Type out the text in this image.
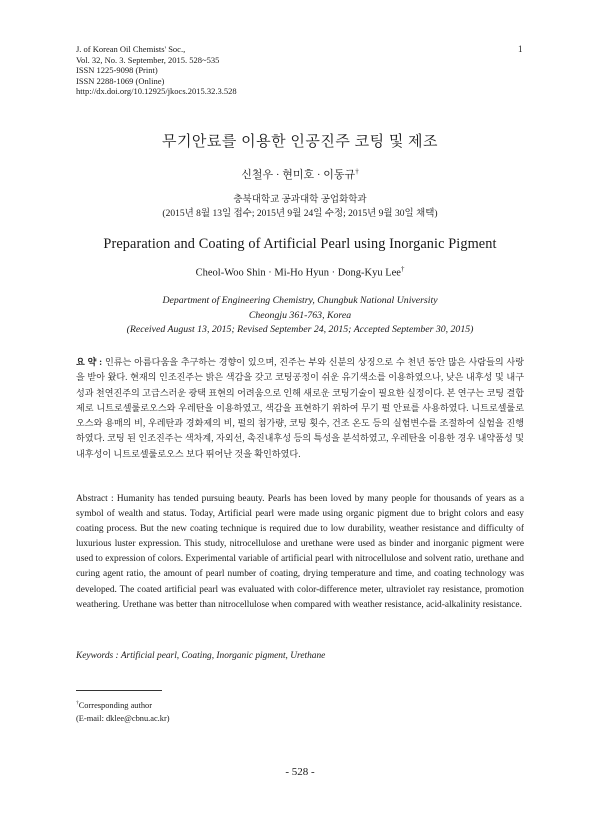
J. of Korean Oil Chemists' Soc.,
Vol. 32, No. 3. September, 2015. 528~535
ISSN 1225-9098 (Print)
ISSN 2288-1069 (Online)
http://dx.doi.org/10.12925/jkocs.2015.32.3.528
1
무기안료를 이용한 인공진주 코팅 및 제조
신철우 · 현미호 · 이동규†
충북대학교 공과대학 공업화학과
(2015년 8월 13일 접수; 2015년 9월 24일 수정; 2015년 9월 30일 채택)
Preparation and Coating of Artificial Pearl using Inorganic Pigment
Cheol-Woo Shin · Mi-Ho Hyun · Dong-Kyu Lee†
Department of Engineering Chemistry, Chungbuk National University
Cheongju 361-763, Korea
(Received August 13, 2015; Revised September 24, 2015; Accepted September 30, 2015)
요 약 : 인류는 아름다움을 추구하는 경향이 있으며, 진주는 부와 신분의 상징으로 수 천년 동안 많은 사람들의 사랑을 받아 왔다. 현재의 인조진주는 밝은 색감을 갖고 코팅공정이 쉬운 유기색소를 이용하였으나, 낮은 내후성 및 내구성과 천연진주의 고급스러운 광택 표현의 어려움으로 인해 새로운 코팅기술이 필요한 실정이다. 본 연구는 코팅 결합제로 니트로셀룰로오스와 우레탄을 이용하였고, 색감을 표현하기 위하여 무기 펄 안료를 사용하였다. 니트로셀룰로오스와 용매의 비, 우레탄과 경화제의 비, 펄의 첨가량, 코팅 횟수, 건조 온도 등의 실험변수를 조절하여 실험을 진행하였다. 코팅 된 인조진주는 색차계, 자외선, 촉진내후성 등의 특성을 분석하였고, 우레탄을 이용한 경우 내약품성 및 내후성이 니트로셀룰로오스 보다 뛰어난 것을 확인하였다.
Abstract : Humanity has tended pursuing beauty. Pearls has been loved by many people for thousands of years as a symbol of wealth and status. Today, Artificial pearl were made using organic pigment due to bright colors and easy coating process. But the new coating technique is required due to low durability, weather resistance and difficulty of luxurious luster expression. This study, nitrocellulose and urethane were used as binder and inorganic pigment were used to expression of colors. Experimental variable of artificial pearl with nitrocellulose and solvent ratio, urethane and curing agent ratio, the amount of pearl number of coating, drying temperature and time, and coating technology was developed. The coated artificial pearl was evaluated with color-difference meter, ultraviolet ray resistance, promotion weathering. Urethane was better than nitrocellulose when compared with weather resistance, acid-alkalinity resistance.
Keywords : Artificial pearl, Coating, Inorganic pigment, Urethane
†Corresponding author
(E-mail: dklee@cbnu.ac.kr)
- 528 -
